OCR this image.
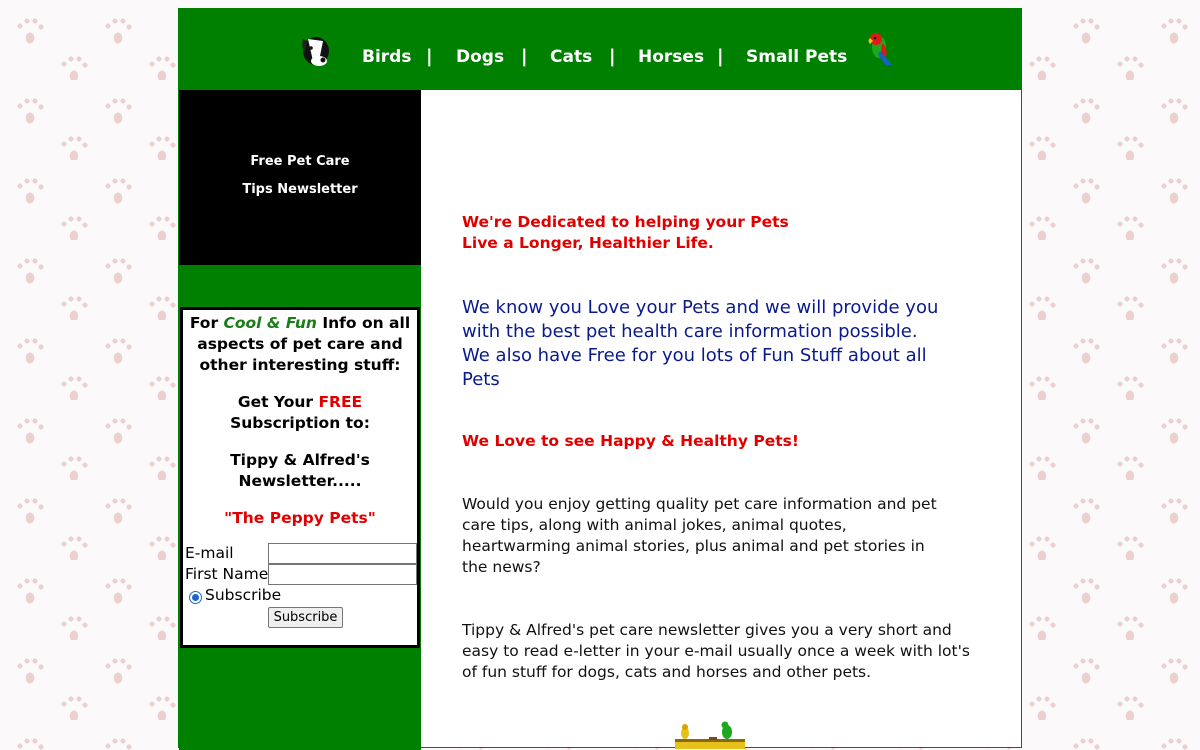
Birds | Dogs | Cats | Horses | Small Pets
Free Pet Care
Tips Newsletter
For Cool & Fun Info on all aspects of pet care and other interesting stuff:
Get Your FREE Subscription to:
Tippy & Alfred's Newsletter.....
"The Peppy Pets"
E-mail
First Name
Subscribe
Subscribe
We're Dedicated to helping your Pets
Live a Longer, Healthier Life.
We know you Love your Pets and we will provide you with the best pet health care information possible. We also have Free for you lots of Fun Stuff about all Pets
We Love to see Happy & Healthy Pets!
Would you enjoy getting quality pet care information and pet care tips, along with animal jokes, animal quotes, heartwarming animal stories, plus animal and pet stories in the news?
Tippy & Alfred's pet care newsletter gives you a very short and easy to read e-letter in your e-mail usually once a week with lot's of fun stuff for dogs, cats and horses and other pets.
